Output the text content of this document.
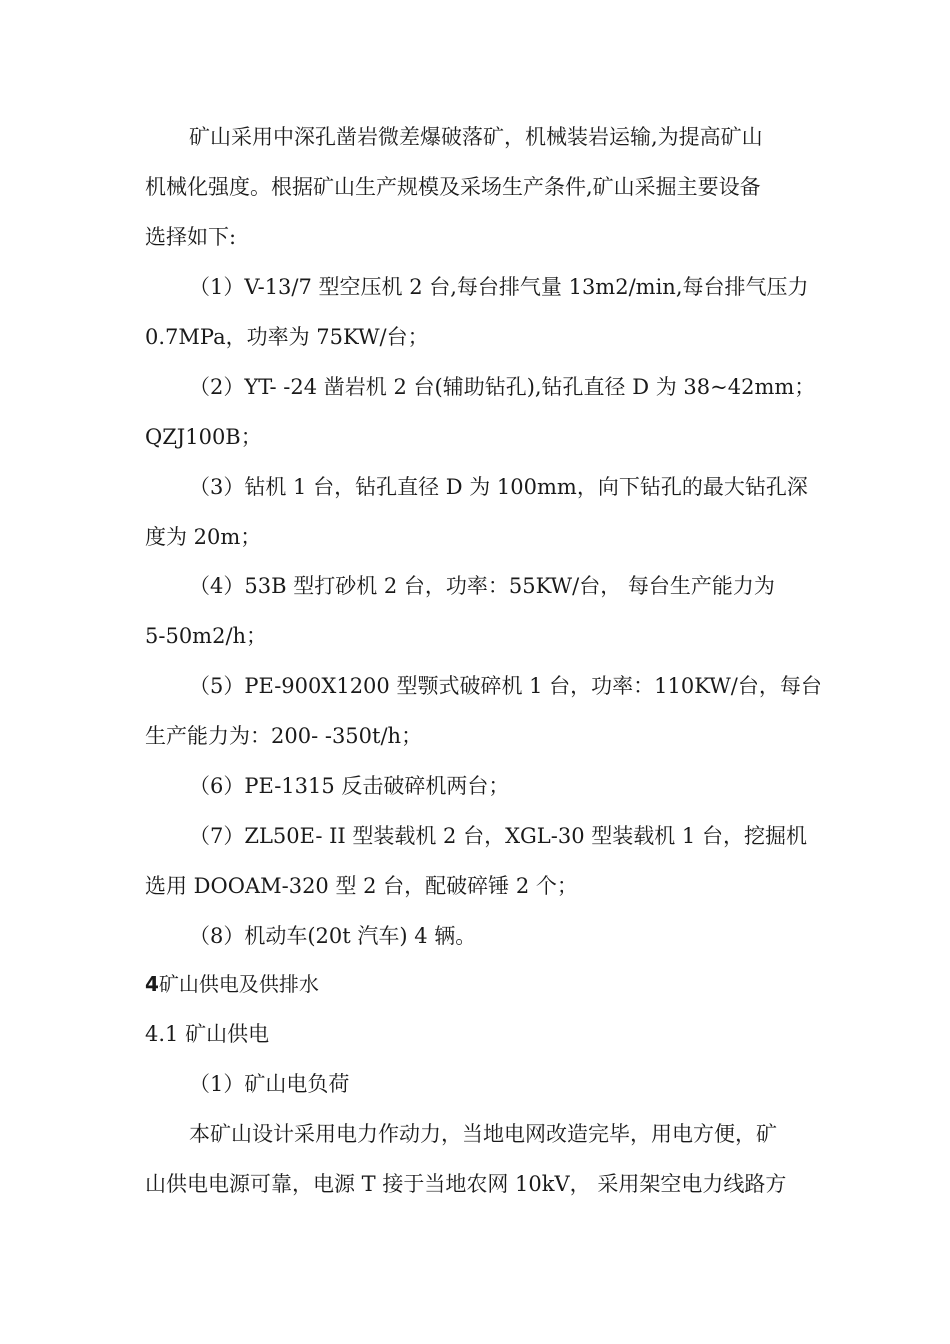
矿山采用中深孔凿岩微差爆破落矿，机械装岩运输,为提高矿山
机械化强度。根据矿山生产规模及采场生产条件,矿山采掘主要设备
选择如下:
（1）V-13/7 型空压机 2 台,每台排气量 13m2/min,每台排气压力
0.7MPa，功率为 75KW/台；
（2）YT- -24 凿岩机 2 台(辅助钻孔),钻孔直径 D 为 38~42mm；
QZJ100B；
（3）钻机 1 台，钻孔直径 D 为 100mm，向下钻孔的最大钻孔深
度为 20m；
（4）53B 型打砂机 2 台，功率：55KW/台， 每台生产能力为
5-50m2/h；
（5）PE-900X1200 型颚式破碎机 1 台，功率：110KW/台，每台
生产能力为：200- -350t/h；
（6）PE-1315 反击破碎机两台；
（7）ZL50E- II 型装载机 2 台，XGL-30 型装载机 1 台，挖掘机
选用 DOOAM-320 型 2 台，配破碎锤 2 个；
（8）机动车(20t 汽车) 4 辆。
4矿山供电及供排水
4.1 矿山供电
（1）矿山电负荷
本矿山设计采用电力作动力，当地电网改造完毕，用电方便，矿
山供电电源可靠，电源 T 接于当地农网 10kV， 采用架空电力线路方
